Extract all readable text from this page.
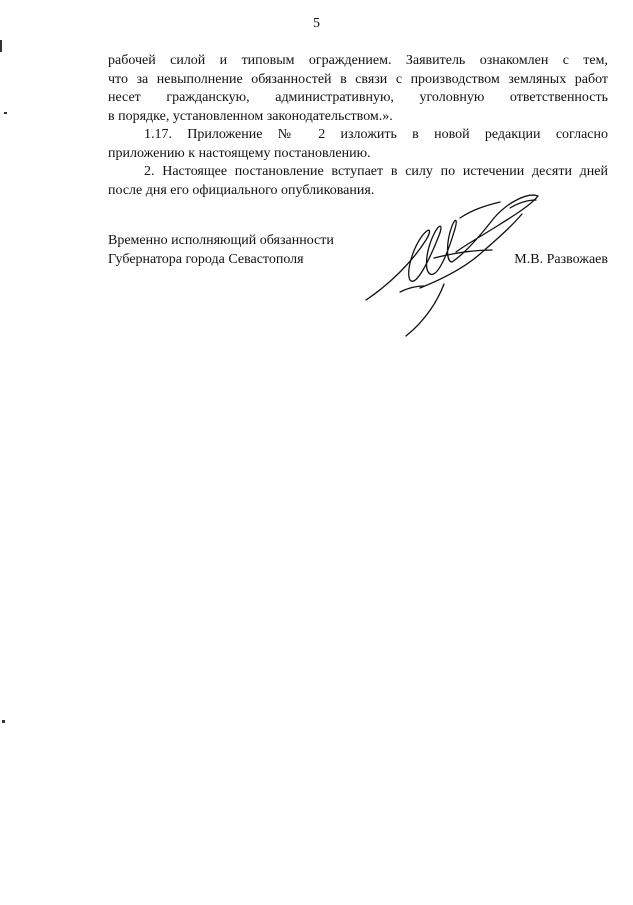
5

рабочей силой и типовым ограждением. Заявитель ознакомлен с тем,
что за невыполнение обязанностей в связи с производством земляных работ
несет гражданскую, административную, уголовную ответственность
в порядке, установленном законодательством.».

1.17. Приложение № 2 изложить в новой редакции согласно
приложению к настоящему постановлению.

2. Настоящее постановление вступает в силу по истечении десяти дней
после дня его официального опубликования.

Временно исполняющий обязанности
Губернатора города Севастополя	М.В. Развожаев
